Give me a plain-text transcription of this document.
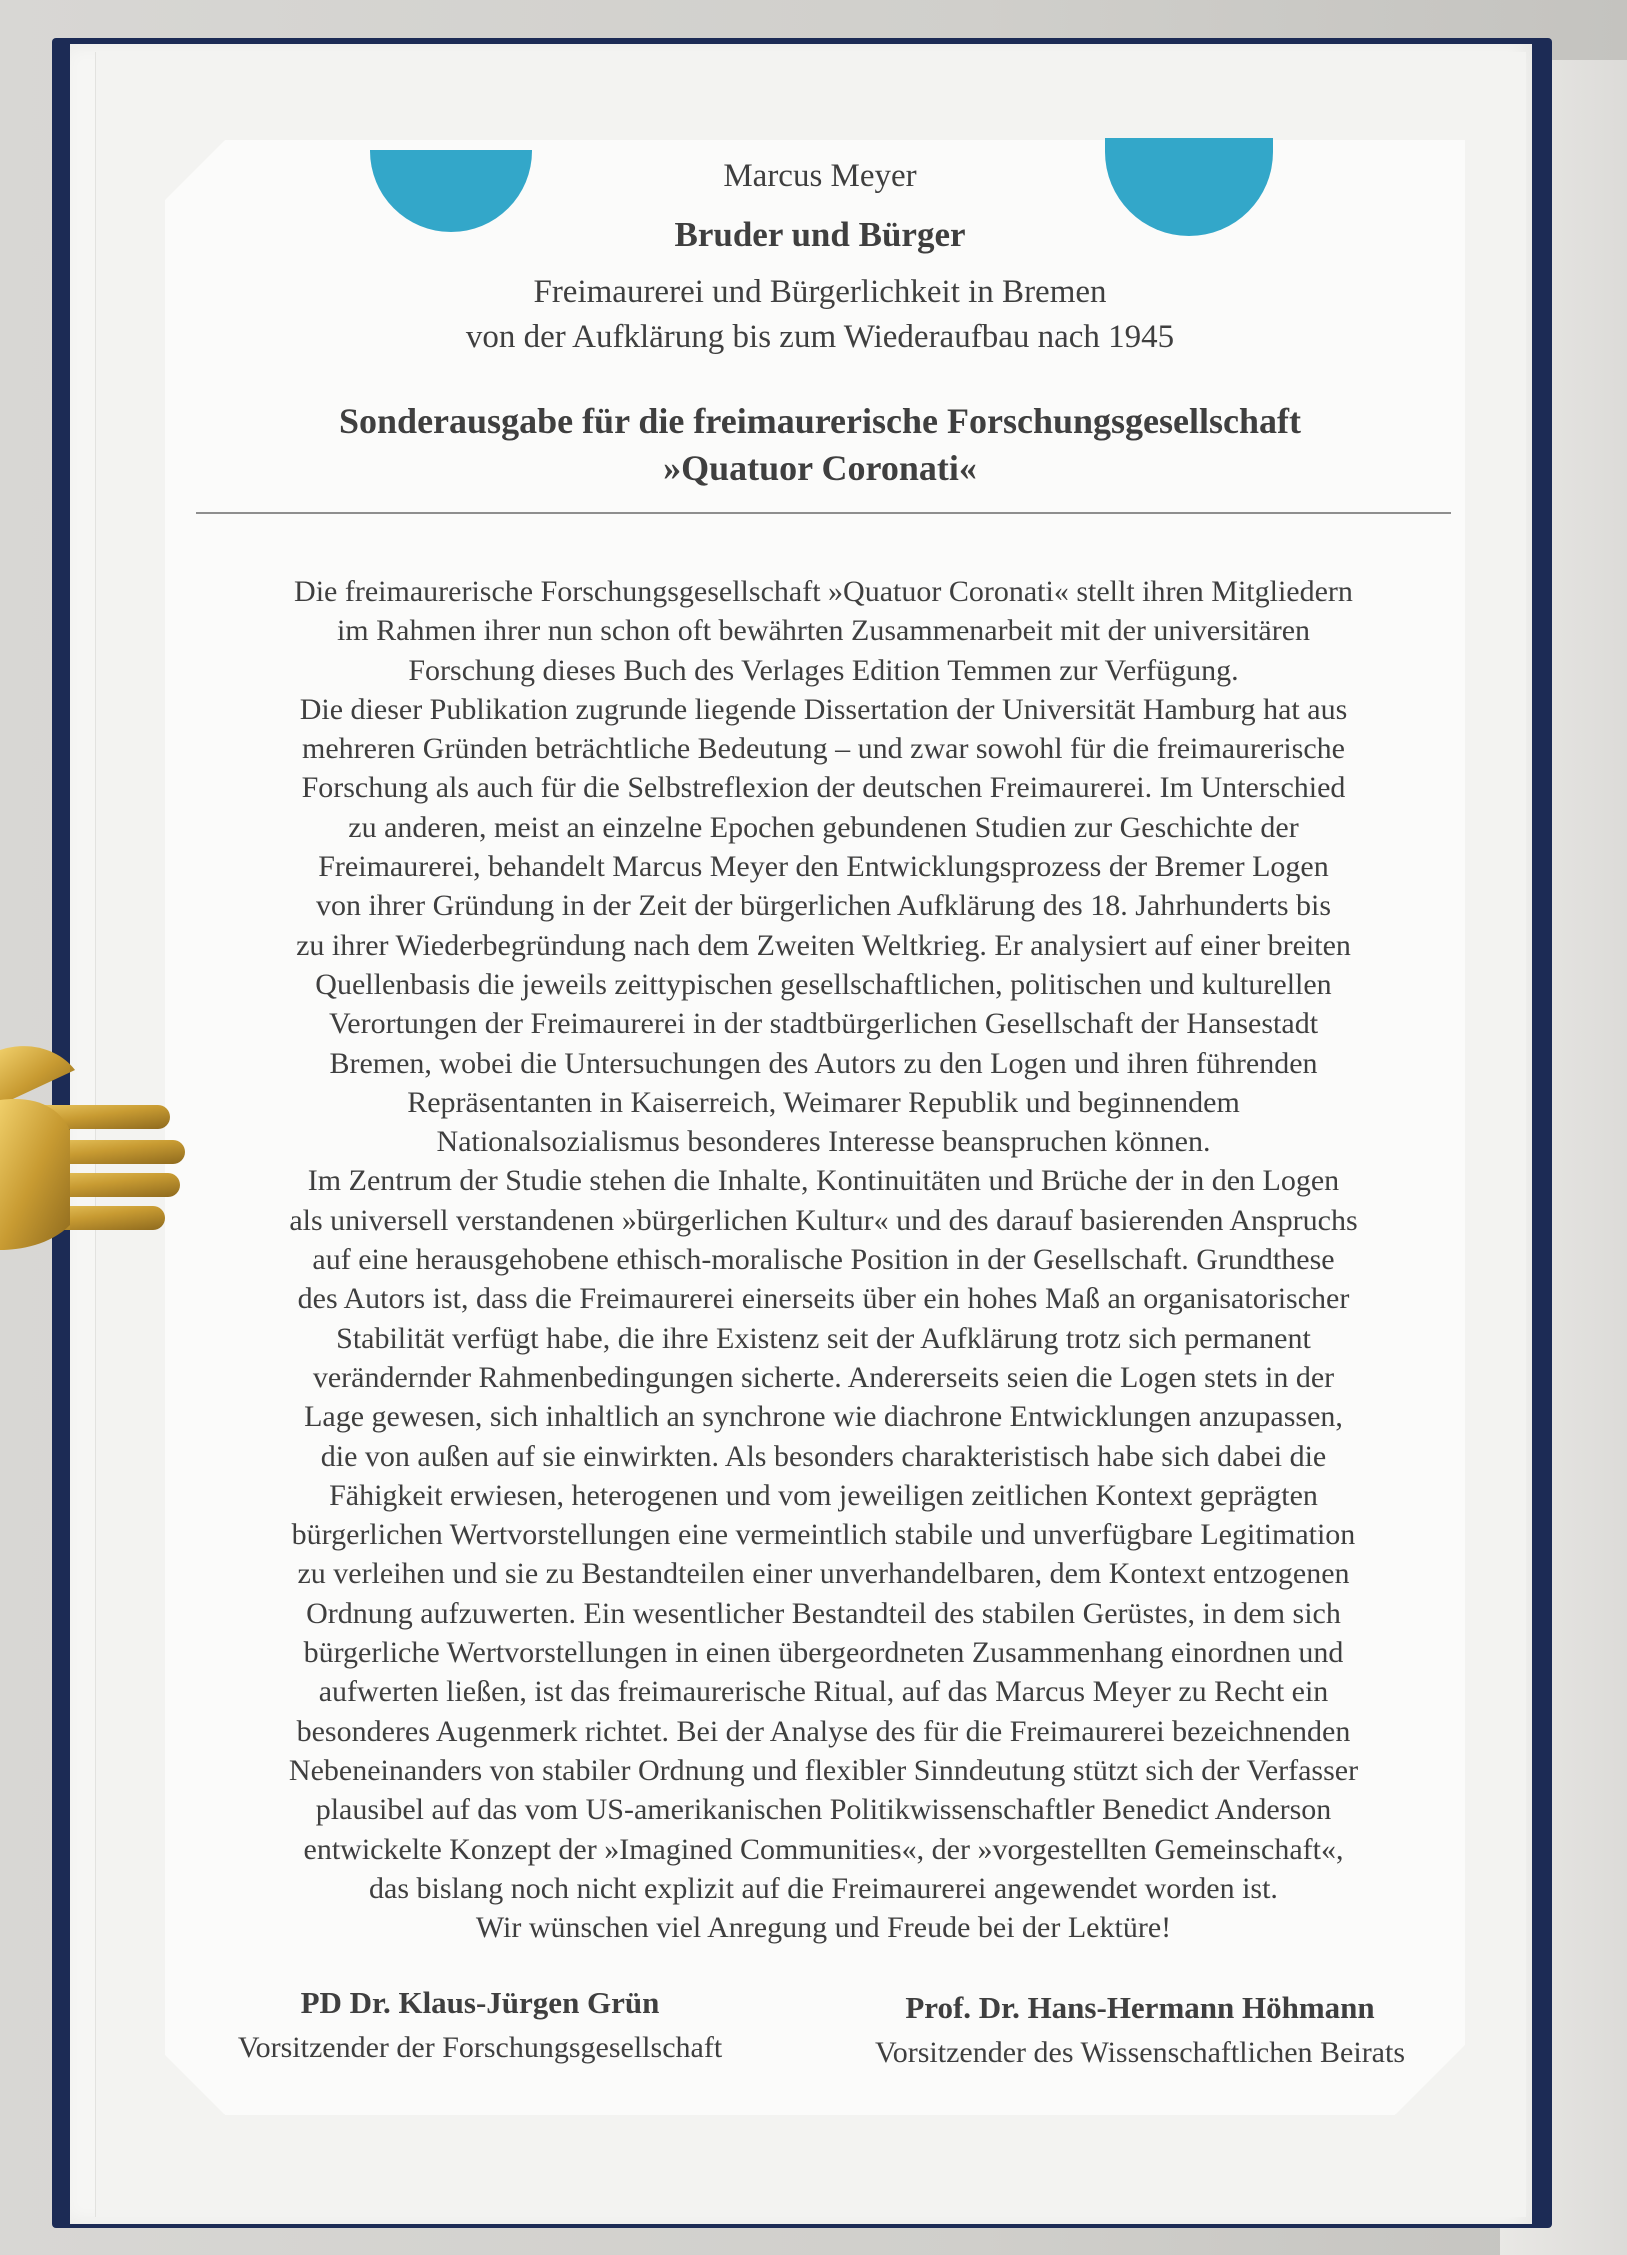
Marcus Meyer
Bruder und Bürger
Freimaurerei und Bürgerlichkeit in Bremen
von der Aufklärung bis zum Wiederaufbau nach 1945
Sonderausgabe für die freimaurerische Forschungsgesellschaft
»Quatuor Coronati«
Die freimaurerische Forschungsgesellschaft »Quatuor Coronati« stellt ihren Mitgliedern
im Rahmen ihrer nun schon oft bewährten Zusammenarbeit mit der universitären
Forschung dieses Buch des Verlages Edition Temmen zur Verfügung.
Die dieser Publikation zugrunde liegende Dissertation der Universität Hamburg hat aus
mehreren Gründen beträchtliche Bedeutung – und zwar sowohl für die freimaurerische
Forschung als auch für die Selbstreflexion der deutschen Freimaurerei. Im Unterschied
zu anderen, meist an einzelne Epochen gebundenen Studien zur Geschichte der
Freimaurerei, behandelt Marcus Meyer den Entwicklungsprozess der Bremer Logen
von ihrer Gründung in der Zeit der bürgerlichen Aufklärung des 18. Jahrhunderts bis
zu ihrer Wiederbegründung nach dem Zweiten Weltkrieg. Er analysiert auf einer breiten
Quellenbasis die jeweils zeittypischen gesellschaftlichen, politischen und kulturellen
Verortungen der Freimaurerei in der stadtbürgerlichen Gesellschaft der Hansestadt
Bremen, wobei die Untersuchungen des Autors zu den Logen und ihren führenden
Repräsentanten in Kaiserreich, Weimarer Republik und beginnendem
Nationalsozialismus besonderes Interesse beanspruchen können.
Im Zentrum der Studie stehen die Inhalte, Kontinuitäten und Brüche der in den Logen
als universell verstandenen »bürgerlichen Kultur« und des darauf basierenden Anspruchs
auf eine herausgehobene ethisch-moralische Position in der Gesellschaft. Grundthese
des Autors ist, dass die Freimaurerei einerseits über ein hohes Maß an organisatorischer
Stabilität verfügt habe, die ihre Existenz seit der Aufklärung trotz sich permanent
verändernder Rahmenbedingungen sicherte. Andererseits seien die Logen stets in der
Lage gewesen, sich inhaltlich an synchrone wie diachrone Entwicklungen anzupassen,
die von außen auf sie einwirkten. Als besonders charakteristisch habe sich dabei die
Fähigkeit erwiesen, heterogenen und vom jeweiligen zeitlichen Kontext geprägten
bürgerlichen Wertvorstellungen eine vermeintlich stabile und unverfügbare Legitimation
zu verleihen und sie zu Bestandteilen einer unverhandelbaren, dem Kontext entzogenen
Ordnung aufzuwerten. Ein wesentlicher Bestandteil des stabilen Gerüstes, in dem sich
bürgerliche Wertvorstellungen in einen übergeordneten Zusammenhang einordnen und
aufwerten ließen, ist das freimaurerische Ritual, auf das Marcus Meyer zu Recht ein
besonderes Augenmerk richtet. Bei der Analyse des für die Freimaurerei bezeichnenden
Nebeneinanders von stabiler Ordnung und flexibler Sinndeutung stützt sich der Verfasser
plausibel auf das vom US-amerikanischen Politikwissenschaftler Benedict Anderson
entwickelte Konzept der »Imagined Communities«, der »vorgestellten Gemeinschaft«,
das bislang noch nicht explizit auf die Freimaurerei angewendet worden ist.
Wir wünschen viel Anregung und Freude bei der Lektüre!
PD Dr. Klaus-Jürgen Grün
Vorsitzender der Forschungsgesellschaft
Prof. Dr. Hans-Hermann Höhmann
Vorsitzender des Wissenschaftlichen Beirats
